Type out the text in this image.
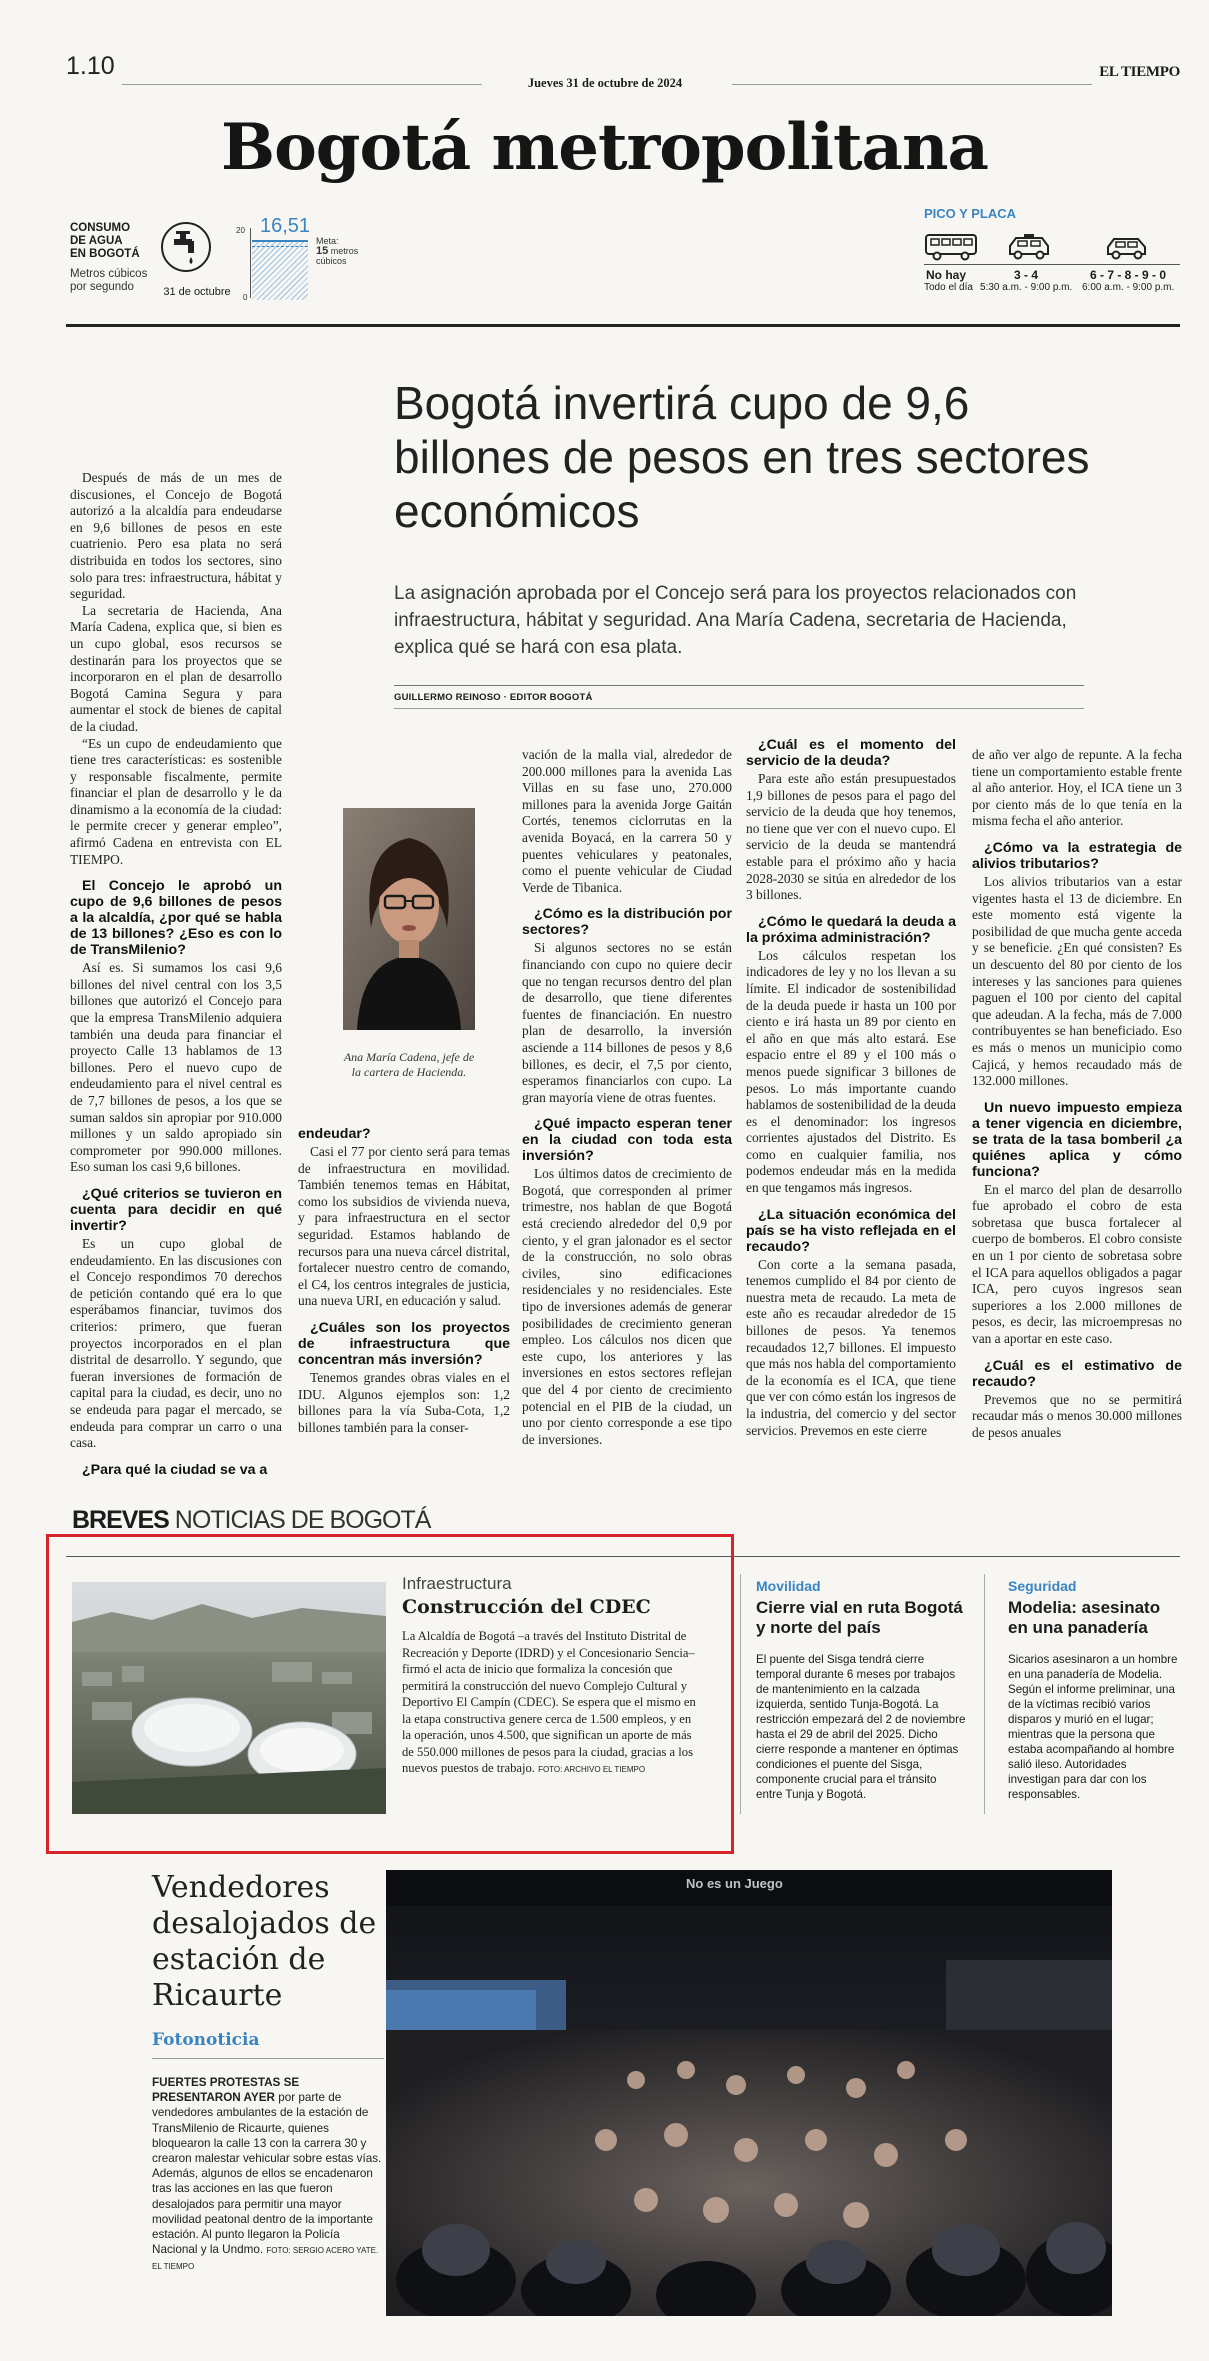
1.10
Jueves 31 de octubre de 2024
EL TIEMPO
Bogotá metropolitana
CONSUMO
DE AGUA
EN BOGOTÁ
Metros cúbicos
por segundo	31 de octubre
20
0
16,51
Meta:
15 metros
cúbicos
PICO Y PLACA
No hay
Todo el día
3 - 4
5:30 a.m. - 9:00 p.m.
6 - 7 - 8 - 9 - 0
6:00 a.m. - 9:00 p.m.
Bogotá invertirá cupo de 9,6 billones de pesos en tres sectores económicos
La asignación aprobada por el Concejo será para los proyectos relacionados con infraestructura, hábitat y seguridad. Ana María Cadena, secretaria de Hacienda, explica qué se hará con esa plata.
GUILLERMO REINOSO · EDITOR BOGOTÁ

Después de más de un mes de discusiones, el Concejo de Bogotá autorizó a la alcaldía para endeudarse en 9,6 billones de pesos en este cuatrienio. Pero esa plata no será distribuida en todos los sectores, sino solo para tres: infraestructura, hábitat y seguridad.

La secretaria de Hacienda, Ana María Cadena, explica que, si bien es un cupo global, esos recursos se destinarán para los proyectos que se incorporaron en el plan de desarrollo Bogotá Camina Segura y para aumentar el stock de bienes de capital de la ciudad.

“Es un cupo de endeudamiento que tiene tres características: es sostenible y responsable fiscalmente, permite financiar el plan de desarrollo y le da dinamismo a la economía de la ciudad: le permite crecer y generar empleo”, afirmó Cadena en entrevista con EL TIEMPO.

El Concejo le aprobó un cupo de 9,6 billones de pesos a la alcaldía, ¿por qué se habla de 13 billones? ¿Eso es con lo de TransMilenio?

Así es. Si sumamos los casi 9,6 billones del nivel central con los 3,5 billones que autorizó el Concejo para que la empresa TransMilenio adquiera también una deuda para financiar el proyecto Calle 13 hablamos de 13 billones. Pero el nuevo cupo de endeudamiento para el nivel central es de 7,7 billones de pesos, a los que se suman saldos sin apropiar por 910.000 millones y un saldo apropiado sin comprometer por 990.000 millones. Eso suman los casi 9,6 billones.

¿Qué criterios se tuvieron en cuenta para decidir en qué invertir?

Es un cupo global de endeudamiento. En las discusiones con el Concejo respondimos 70 derechos de petición contando qué era lo que esperábamos financiar, tuvimos dos criterios: primero, que fueran proyectos incorporados en el plan distrital de desarrollo. Y segundo, que fueran inversiones de formación de capital para la ciudad, es decir, uno no se endeuda para pagar el mercado, se endeuda para comprar un carro o una casa.

¿Para qué la ciudad se va a

Ana María Cadena, jefe de la cartera de Hacienda.
endeudar?

Casi el 77 por ciento será para temas de infraestructura en movilidad. También tenemos temas en Hábitat, como los subsidios de vivienda nueva, y para infraestructura en el sector seguridad. Estamos hablando de recursos para una nueva cárcel distrital, fortalecer nuestro centro de comando, el C4, los centros integrales de justicia, una nueva URI, en educación y salud.

¿Cuáles son los proyectos de infraestructura que concentran más inversión?

Tenemos grandes obras viales en el IDU. Algunos ejemplos son: 1,2 billones para la vía Suba-Cota, 1,2 billones también para la conser-

vación de la malla vial, alrededor de 200.000 millones para la avenida Las Villas en su fase uno, 270.000 millones para la avenida Jorge Gaitán Cortés, tenemos ciclorrutas en la avenida Boyacá, en la carrera 50 y puentes vehiculares y peatonales, como el puente vehicular de Ciudad Verde de Tibanica.

¿Cómo es la distribución por sectores?

Si algunos sectores no se están financiando con cupo no quiere decir que no tengan recursos dentro del plan de desarrollo, que tiene diferentes fuentes de financiación. En nuestro plan de desarrollo, la inversión asciende a 114 billones de pesos y 8,6 billones, es decir, el 7,5 por ciento, esperamos financiarlos con cupo. La gran mayoría viene de otras fuentes.

¿Qué impacto esperan tener en la ciudad con toda esta inversión?

Los últimos datos de crecimiento de Bogotá, que corresponden al primer trimestre, nos hablan de que Bogotá está creciendo alrededor del 0,9 por ciento, y el gran jalonador es el sector de la construcción, no solo obras civiles, sino edificaciones residenciales y no residenciales. Este tipo de inversiones además de generar posibilidades de crecimiento generan empleo. Los cálculos nos dicen que este cupo, los anteriores y las inversiones en estos sectores reflejan que del 4 por ciento de crecimiento potencial en el PIB de la ciudad, un uno por ciento corresponde a ese tipo de inversiones.

¿Cuál es el momento del servicio de la deuda?

Para este año están presupuestados 1,9 billones de pesos para el pago del servicio de la deuda que hoy tenemos, no tiene que ver con el nuevo cupo. El servicio de la deuda se mantendrá estable para el próximo año y hacia 2028-2030 se sitúa en alrededor de los 3 billones.

¿Cómo le quedará la deuda a la próxima administración?

Los cálculos respetan los indicadores de ley y no los llevan a su límite. El indicador de sostenibilidad de la deuda puede ir hasta un 100 por ciento e irá hasta un 89 por ciento en el año en que más alto estará. Ese espacio entre el 89 y el 100 más o menos puede significar 3 billones de pesos. Lo más importante cuando hablamos de sostenibilidad de la deuda es el denominador: los ingresos corrientes ajustados del Distrito. Es como en cualquier familia, nos podemos endeudar más en la medida en que tengamos más ingresos.

¿La situación económica del país se ha visto reflejada en el recaudo?

Con corte a la semana pasada, tenemos cumplido el 84 por ciento de nuestra meta de recaudo. La meta de este año es recaudar alrededor de 15 billones de pesos. Ya tenemos recaudados 12,7 billones. El impuesto que más nos habla del comportamiento de la economía es el ICA, que tiene que ver con cómo están los ingresos de la industria, del comercio y del sector servicios. Prevemos en este cierre

de año ver algo de repunte. A la fecha tiene un comportamiento estable frente al año anterior. Hoy, el ICA tiene un 3 por ciento más de lo que tenía en la misma fecha el año anterior.

¿Cómo va la estrategia de alivios tributarios?

Los alivios tributarios van a estar vigentes hasta el 13 de diciembre. En este momento está vigente la posibilidad de que mucha gente acceda y se beneficie. ¿En qué consisten? Es un descuento del 80 por ciento de los intereses y las sanciones para quienes paguen el 100 por ciento del capital que adeudan. A la fecha, más de 7.000 contribuyentes se han beneficiado. Eso es más o menos un municipio como Cajicá, y hemos recaudado más de 132.000 millones.

Un nuevo impuesto empieza a tener vigencia en diciembre, se trata de la tasa bomberil ¿a quiénes aplica y cómo funciona?

En el marco del plan de desarrollo fue aprobado el cobro de esta sobretasa que busca fortalecer al cuerpo de bomberos. El cobro consiste en un 1 por ciento de sobretasa sobre el ICA para aquellos obligados a pagar ICA, pero cuyos ingresos sean superiores a los 2.000 millones de pesos, es decir, las microempresas no van a aportar en este caso.

¿Cuál es el estimativo de recaudo?

Prevemos que no se permitirá recaudar más o menos 30.000 millones de pesos anuales

BREVES NOTICIAS DE BOGOTÁ
Infraestructura
Construcción del CDEC
La Alcaldía de Bogotá –a través del Instituto Distrital de Recreación y Deporte (IDRD) y el Concesionario Sencia– firmó el acta de inicio que formaliza la concesión que permitirá la construcción del nuevo Complejo Cultural y Deportivo El Campín (CDEC). Se espera que el mismo en la etapa constructiva genere cerca de 1.500 empleos, y en la operación, unos 4.500, que significan un aporte de más de 550.000 millones de pesos para la ciudad, gracias a los nuevos puestos de trabajo. FOTO: ARCHIVO EL TIEMPO
Movilidad
Cierre vial en ruta Bogotá y norte del país

El puente del Sisga tendrá cierre temporal durante 6 meses por trabajos de mantenimiento en la calzada izquierda, sentido Tunja-Bogotá. La restricción empezará del 2 de noviembre hasta el 29 de abril del 2025. Dicho cierre responde a mantener en óptimas condiciones el puente del Sisga, componente crucial para el tránsito entre Tunja y Bogotá.

Seguridad
Modelia: asesinato en una panadería

Sicarios asesinaron a un hombre en una panadería de Modelia. Según el informe preliminar, una de la víctimas recibió varios disparos y murió en el lugar; mientras que la persona que estaba acompañando al hombre salió ileso. Autoridades investigan para dar con los responsables.

Vendedores desalojados de estación de Ricaurte
Fotonoticia
FUERTES PROTESTAS SE PRESENTARON AYER por parte de vendedores ambulantes de la estación de TransMilenio de Ricaurte, quienes bloquearon la calle 13 con la carrera 30 y crearon malestar vehicular sobre estas vías. Además, algunos de ellos se encadenaron tras las acciones en las que fueron desalojados para permitir una mayor movilidad peatonal dentro de la importante estación. Al punto llegaron la Policía Nacional y la Undmo. FOTO: SERGIO ACERO YATE. EL TIEMPO
No es un Juego
